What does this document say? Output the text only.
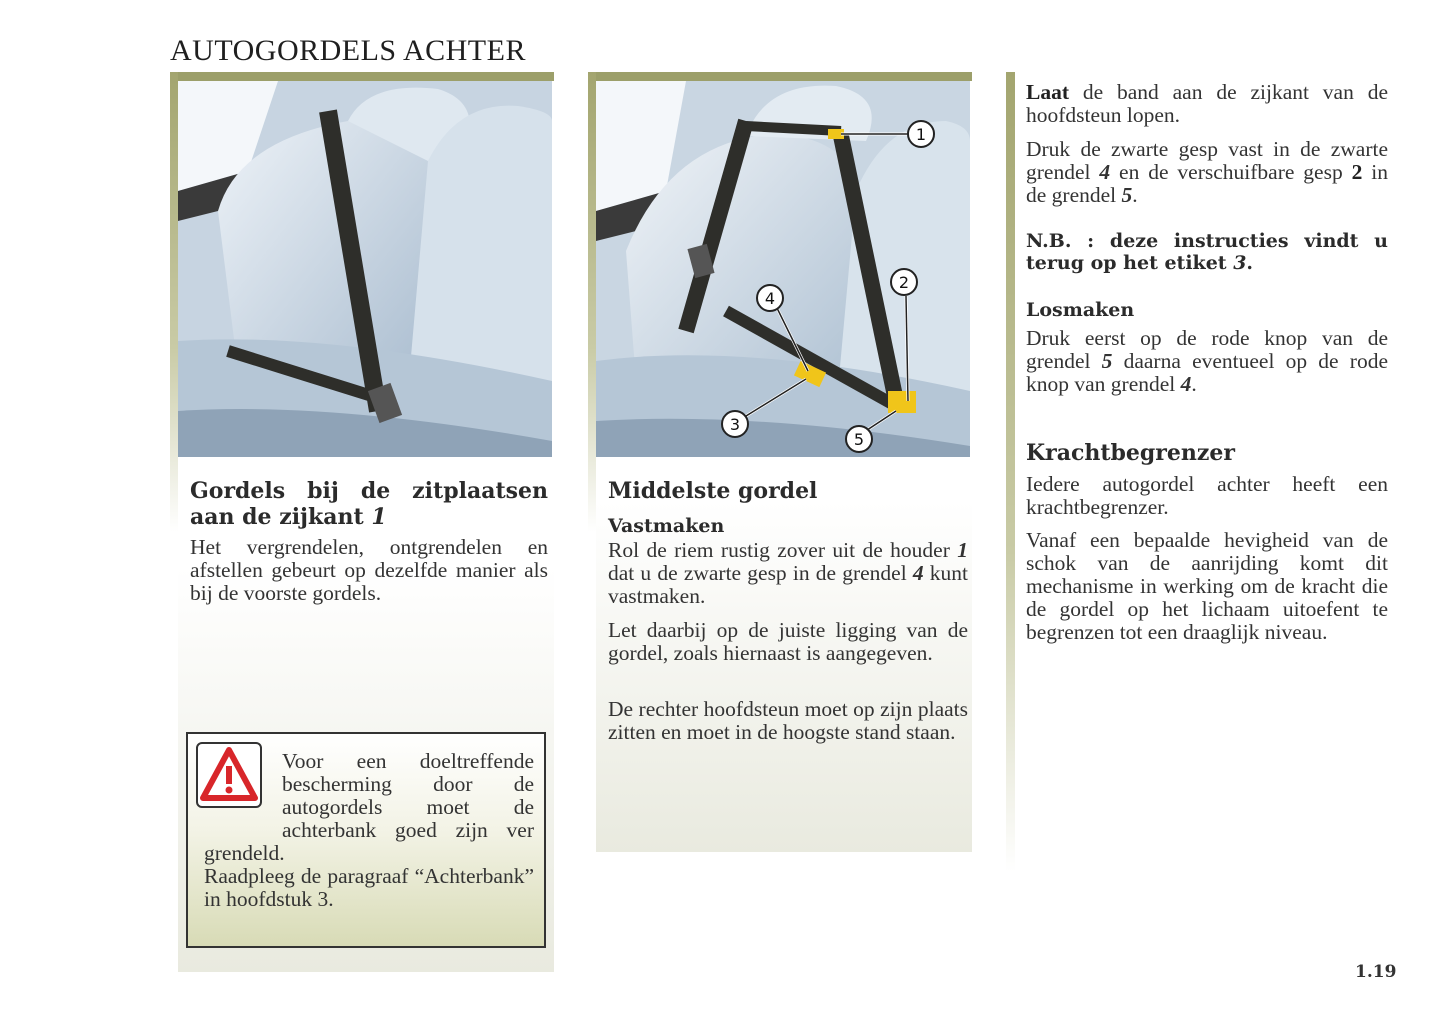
AUTOGORDELS ACHTER
1
2
3
4
5
Gordels bij de zitplaatsen aan de zijkant 1

Het vergrendelen, ontgrendelen en afstellen gebeurt op dezelfde manier als bij de voorste gordels.

Voor een doeltreffende bescherming door de autogordels moet de achterbank goed zijn ver grendeld.
Raadpleeg de paragraaf “Achterbank” in hoofdstuk 3.

Middelste gordel
Vastmaken

Rol de riem rustig zover uit de houder 1 dat u de zwarte gesp in de grendel 4 kunt vastmaken.

Let daarbij op de juiste ligging van de gordel, zoals hiernaast is aangegeven.

De rechter hoofdsteun moet op zijn plaats zitten en moet in de hoogste stand staan.

Laat de band aan de zijkant van de hoofdsteun lopen.

Druk de zwarte gesp vast in de zwarte grendel 4 en de verschuifbare gesp 2 in de grendel 5.

N.B. : deze instructies vindt u terug op het etiket 3.

Losmaken

Druk eerst op de rode knop van de grendel 5 daarna eventueel op de rode knop van grendel 4.

Krachtbegrenzer

Iedere autogordel achter heeft een krachtbegrenzer.

Vanaf een bepaalde hevigheid van de schok van de aanrijding komt dit mechanisme in werking om de kracht die de gordel op het lichaam uitoefent te begrenzen tot een draaglijk niveau.

1.19
